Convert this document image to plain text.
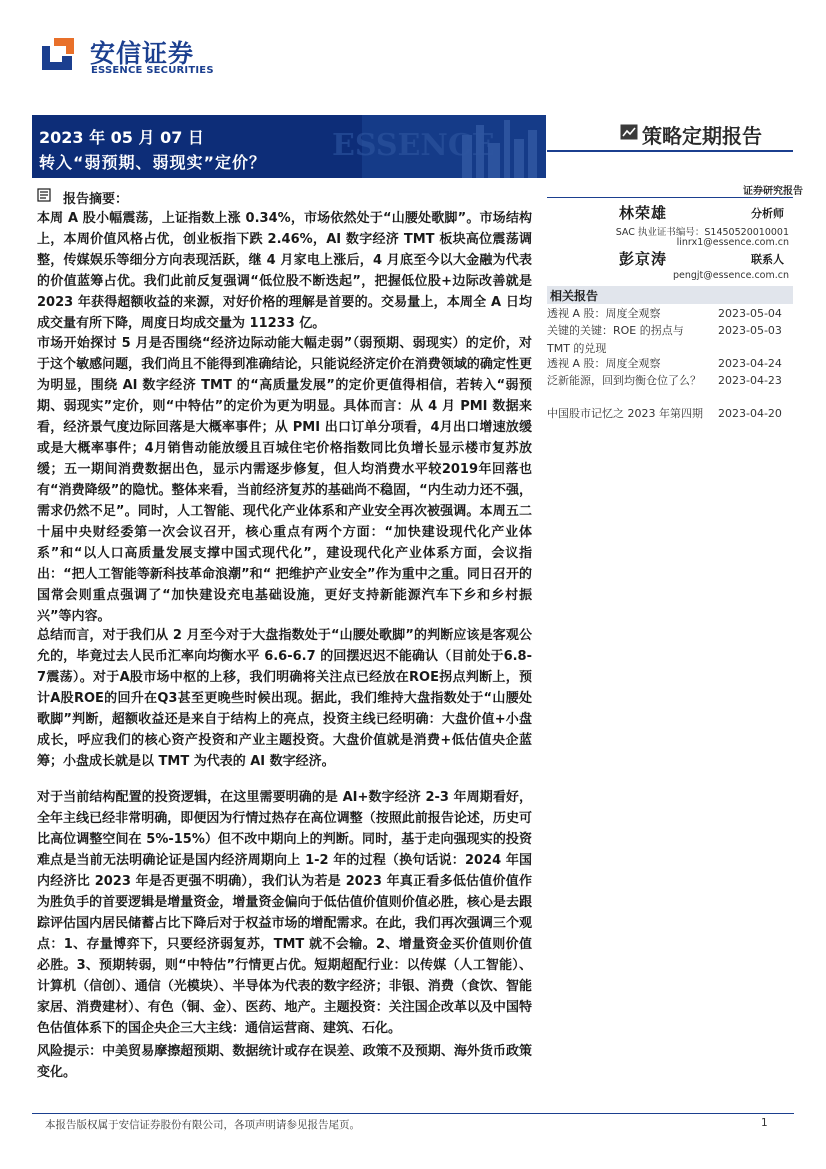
安信证券
ESSENCE SECURITIES
ESSENCE
2023 年 05 月 07 日
转入“弱预期、弱现实”定价？
策略定期报告
证券研究报告
报告摘要：

本周 A 股小幅震荡，上证指数上涨 0.34%，市场依然处于“山腰处歌脚”。市场结构上，本周价值风格占优，创业板指下跌 2.46%，AI 数字经济 TMT 板块高位震荡调整，传媒娱乐等细分方向表现活跃，继 4 月家电上涨后，4 月底至今以大金融为代表的价值蓝筹占优。我们此前反复强调“低位股不断迭起”，把握低位股+边际改善就是 2023 年获得超额收益的来源，对好价格的理解是首要的。交易量上，本周全 A 日均成交量有所下降，周度日均成交量为 11233 亿。

市场开始探讨 5 月是否围绕“经济边际动能大幅走弱”（弱预期、弱现实）的定价，对于这个敏感问题，我们尚且不能得到准确结论，只能说经济定价在消费领域的确定性更为明显，围绕 AI 数字经济 TMT 的“高质量发展”的定价更值得相信，若转入“弱预期、弱现实”定价，则“中特估”的定价为更为明显。具体而言：从 4 月 PMI 数据来看，经济景气度边际回落是大概率事件；从 PMI 出口订单分项看，4月出口增速放缓或是大概率事件；4月销售动能放缓且百城住宅价格指数同比负增长显示楼市复苏放缓；五一期间消费数据出色，显示内需逐步修复，但人均消费水平较2019年回落也有“消费降级”的隐忧。整体来看，当前经济复苏的基础尚不稳固，“内生动力还不强，需求仍然不足”。同时，人工智能、现代化产业体系和产业安全再次被强调。本周五二十届中央财经委第一次会议召开，核心重点有两个方面：“加快建设现代化产业体系”和“以人口高质量发展支撑中国式现代化”，建设现代化产业体系方面，会议指出：“把人工智能等新科技革命浪潮”和“ 把维护产业安全”作为重中之重。同日召开的国常会则重点强调了“加快建设充电基础设施，更好支持新能源汽车下乡和乡村振兴”等内容。

总结而言，对于我们从 2 月至今对于大盘指数处于“山腰处歌脚”的判断应该是客观公允的，毕竟过去人民币汇率向均衡水平 6.6-6.7 的回摆迟迟不能确认（目前处于6.8-7震荡）。对于A股市场中枢的上移，我们明确将关注点已经放在ROE拐点判断上，预计A股ROE的回升在Q3甚至更晚些时候出现。据此，我们维持大盘指数处于“山腰处歌脚”判断，超额收益还是来自于结构上的亮点，投资主线已经明确：大盘价值+小盘成长，呼应我们的核心资产投资和产业主题投资。大盘价值就是消费+低估值央企蓝筹；小盘成长就是以 TMT 为代表的 AI 数字经济。

对于当前结构配置的投资逻辑，在这里需要明确的是 AI+数字经济 2-3 年周期看好，全年主线已经非常明确，即便因为行情过热存在高位调整（按照此前报告论述，历史可比高位调整空间在 5%-15%）但不改中期向上的判断。同时，基于走向强现实的投资难点是当前无法明确论证是国内经济周期向上 1-2 年的过程（换句话说：2024 年国内经济比 2023 年是否更强不明确），我们认为若是 2023 年真正看多低估值价值作为胜负手的首要逻辑是增量资金，增量资金偏向于低估值价值则价值必胜，核心是去跟踪评估国内居民储蓄占比下降后对于权益市场的增配需求。在此，我们再次强调三个观点：1、存量博弈下，只要经济弱复苏，TMT 就不会输。2、增量资金买价值则价值必胜。3、预期转弱，则“中特估”行情更占优。短期超配行业：以传媒（人工智能）、计算机（信创）、通信（光模块）、半导体为代表的数字经济；非银、消费（食饮、智能家居、消费建材）、有色（铜、金）、医药、地产。主题投资：关注国企改革以及中国特色估值体系下的国企央企三大主线：通信运营商、建筑、石化。

风险提示：中美贸易摩擦超预期、数据统计或存在误差、政策不及预期、海外货币政策变化。

林荣雄	分析师
SAC 执业证书编号：S1450520010001
linrx1@essence.com.cn
彭京涛	联系人
pengjt@essence.com.cn
相关报告
透视 A 股：周度全观察	2023-05-04
关键的关键：ROE 的拐点与 TMT 的兑现
2023-05-03
透视 A 股：周度全观察	2023-04-24
泛新能源，回到均衡仓位了么？	2023-04-23
中国股市记忆之 2023 年第四期 2023-04-20
本报告版权属于安信证券股份有限公司，各项声明请参见报告尾页。	1
